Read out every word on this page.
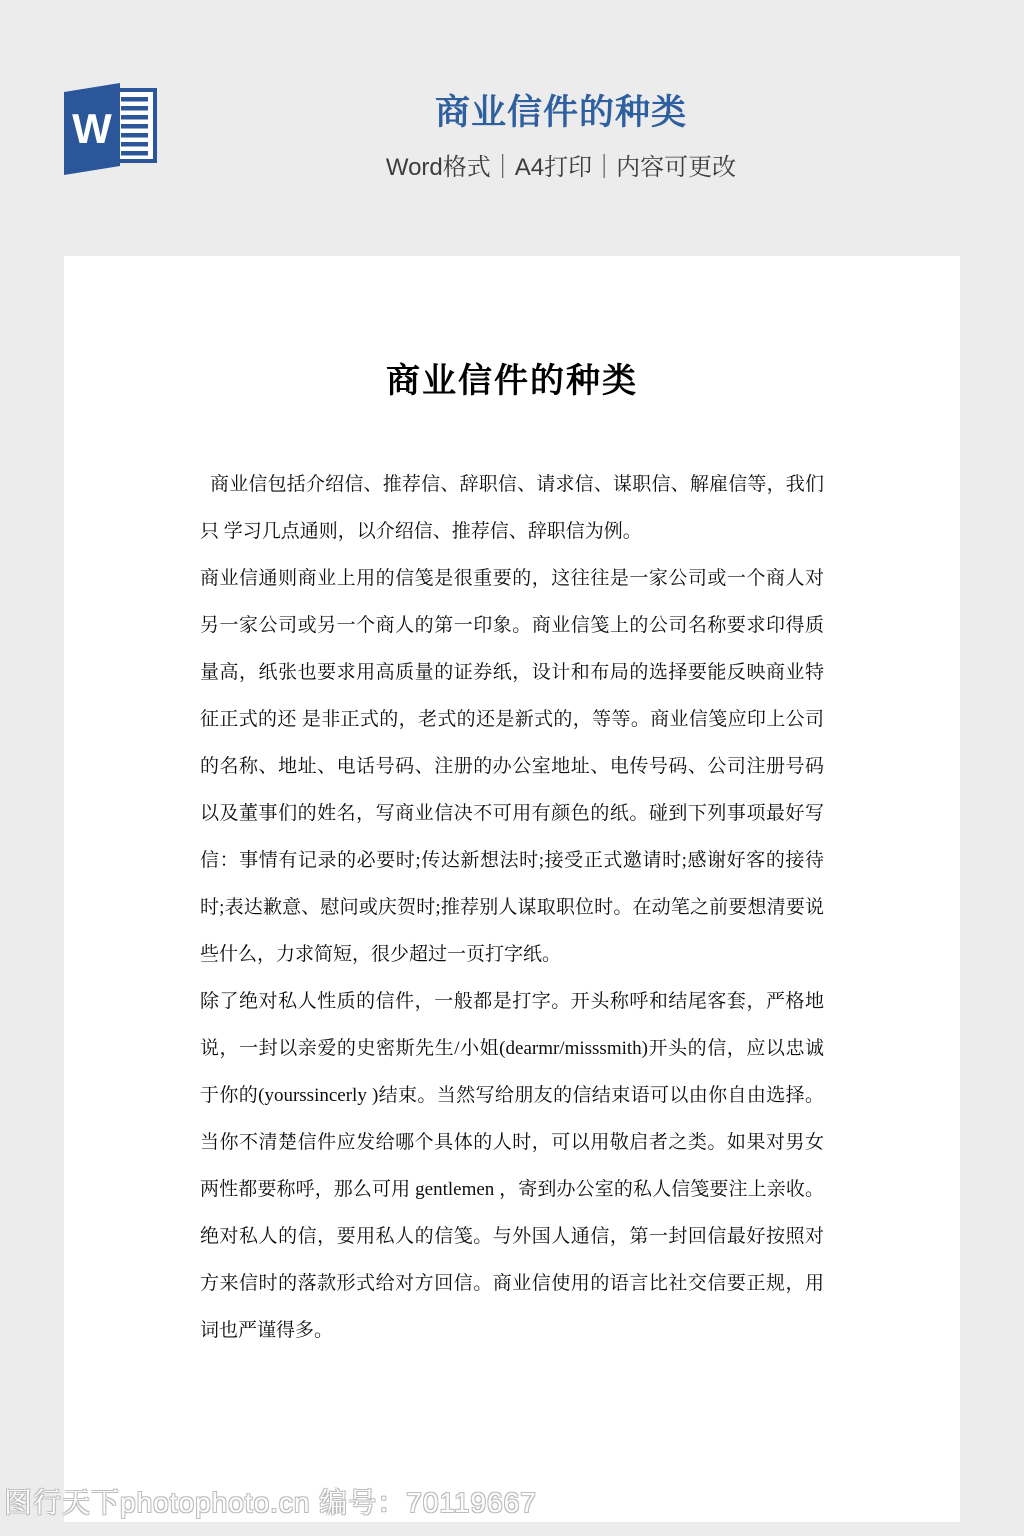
W	商业信件的种类
Word格式｜A4打印｜内容可更改
商业信件的种类

商业信包括介绍信、推荐信、辞职信、请求信、谋职信、解雇信等，我们只 学习几点通则，以介绍信、推荐信、辞职信为例。

商业信通则商业上用的信笺是很重要的，这往往是一家公司或一个商人对另一家公司或另一个商人的第一印象。商业信笺上的公司名称要求印得质量高，纸张也要求用高质量的证券纸，设计和布局的选择要能反映商业特征正式的还 是非正式的，老式的还是新式的，等等。商业信笺应印上公司的名称、地址、电话号码、注册的办公室地址、电传号码、公司注册号码以及董事们的姓名，写商业信决不可用有颜色的纸。碰到下列事项最好写信：事情有记录的必要时;传达新想法时;接受正式邀请时;感谢好客的接待时;表达歉意、慰问或庆贺时;推荐别人谋取职位时。在动笔之前要想清要说些什么，力求简短，很少超过一页打字纸。

除了绝对私人性质的信件，一般都是打字。开头称呼和结尾客套，严格地说，一封以亲爱的史密斯先生/小姐(dearmr/misssmith)开头的信，应以忠诚于你的(yourssincerly )结束。当然写给朋友的信结束语可以由你自由选择。当你不清楚信件应发给哪个具体的人时，可以用敬启者之类。如果对男女两性都要称呼，那么可用 gentlemen ，寄到办公室的私人信笺要注上亲收。绝对私人的信，要用私人的信笺。与外国人通信，第一封回信最好按照对方来信时的落款形式给对方回信。商业信使用的语言比社交信要正规，用词也严谨得多。

图行天下photophoto.cn 编号：70119667
